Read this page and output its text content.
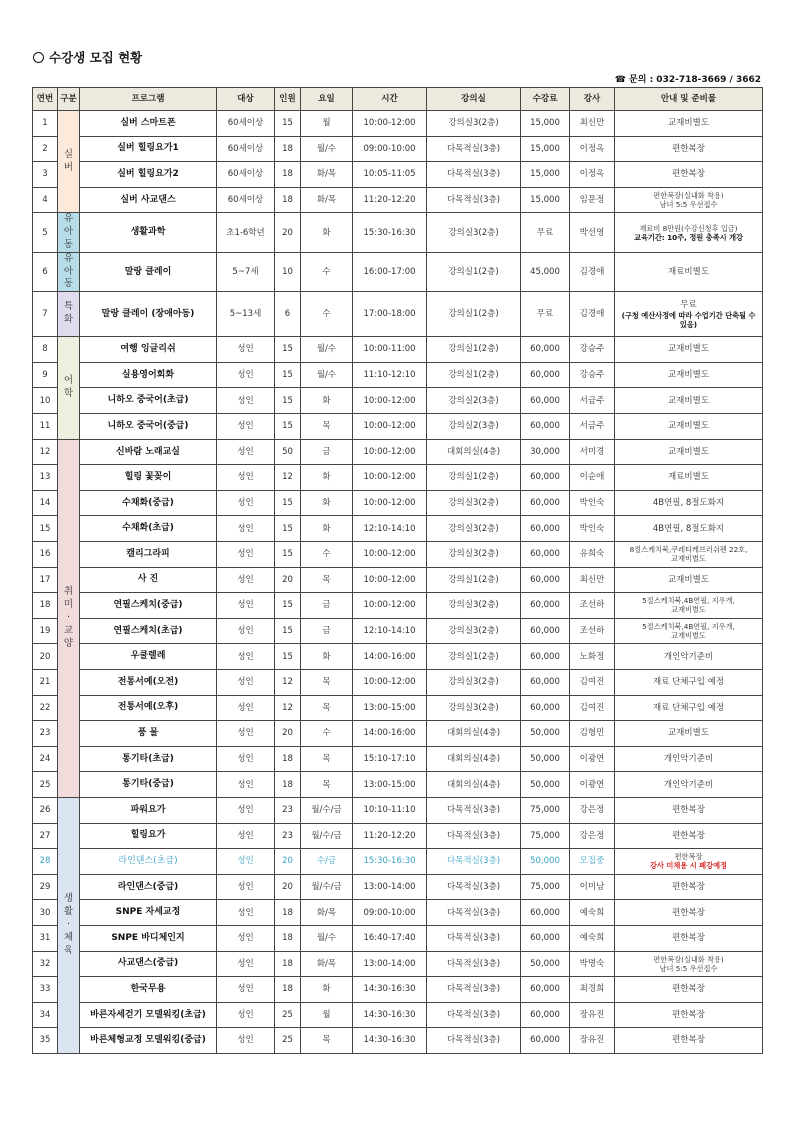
수강생 모집 현황
☎ 문의 : 032-718-3669 / 3662
연번	구분	프로그램	대상	인원	요일	시간	강의실	수강료	강사	안내 및 준비물
1	실버	실버 스마트폰	60세이상	15	월	10:00-12:00	강의실3(2층)	15,000	최신만	교재비별도
2		실버 힐링요가1	60세이상	18	월/수	09:00-10:00	다목적실(3층)	15,000	이정옥	편한복장
3		실버 힐링요가2	60세이상	18	화/목	10:05-11:05	다목적실(3층)	15,000	이정옥	편한복장
4		실버 사교댄스	60세이상	18	화/목	11:20-12:20	다목적실(3층)	15,000	임문정	편한복장(실내화 착용)
남녀 5:5 우선접수

5	유아동	생활과학	초1-6학년	20	화	15:30-16:30	강의실3(2층)	무료	박선영	재료비 8만원(수강신청후 입금)
교육기간: 10주, 정원 충족시 개강

6	유아동	말랑 클레이	5~7세	10	수	16:00-17:00	강의실1(2층)	45,000	김경애	재료비별도
7	특화	말랑 클레이 (장애아동)	5~13세	6	수	17:00-18:00	강의실1(2층)	무료	김경애	무료
(구청 예산사정에 따라 수업기간 단축될 수 있음)

8	어학	여행 잉글리쉬	성인	15	월/수	10:00-11:00	강의실1(2층)	60,000	강승주	교재비별도
9		실용영어회화	성인	15	월/수	11:10-12:10	강의실1(2층)	60,000	강승주	교재비별도
10		니하오 중국어(초급)	성인	15	화	10:00-12:00	강의실2(3층)	60,000	서금주	교재비별도
11		니하오 중국어(중급)	성인	15	목	10:00-12:00	강의실2(3층)	60,000	서금주	교재비별도
12	취미·교양	신바람 노래교실	성인	50	금	10:00-12:00	대회의실(4층)	30,000	서미경	교재비별도
13		힐링 꽃꽂이	성인	12	화	10:00-12:00	강의실1(2층)	60,000	이순애	재료비별도
14		수채화(중급)	성인	15	화	10:00-12:00	강의실3(2층)	60,000	박인숙	4B연필, 8절도화지
15		수채화(초급)	성인	15	화	12:10-14:10	강의실3(2층)	60,000	박인숙	4B연필, 8절도화지
16		캘리그라피	성인	15	수	10:00-12:00	강의실3(2층)	60,000	유희숙	8절스케치북,쿠레타케브러쉬펜 22호,
교재비별도

17		사 진	성인	20	목	10:00-12:00	강의실1(2층)	60,000	최신만	교재비별도
18		연필스케치(중급)	성인	15	금	10:00-12:00	강의실3(2층)	60,000	조선하	5절스케치북,4B연필, 지우개,
교재비별도

19		연필스케치(초급)	성인	15	금	12:10-14:10	강의실3(2층)	60,000	조선하	5절스케치북,4B연필, 지우개,
교재비별도

20		우쿨렐레	성인	15	화	14:00-16:00	강의실1(2층)	60,000	노화정	개인악기준비
21		전통서예(오전)	성인	12	목	10:00-12:00	강의실3(2층)	60,000	김여진	재료 단체구입 예정
22		전통서예(오후)	성인	12	목	13:00-15:00	강의실3(2층)	60,000	김여진	재료 단체구입 예정
23		풍 물	성인	20	수	14:00-16:00	대회의실(4층)	50,000	김형민	교재비별도
24		통기타(초급)	성인	18	목	15:10-17:10	대회의실(4층)	50,000	이광연	개인악기준비
25		통기타(중급)	성인	18	목	13:00-15:00	대회의실(4층)	50,000	이광연	개인악기준비
26	생활·체육	파워요가	성인	23	월/수/금	10:10-11:10	다목적실(3층)	75,000	강은정	편한복장
27		힐링요가	성인	23	월/수/금	11:20-12:20	다목적실(3층)	75,000	강은정	편한복장
28		라인댄스(초급)	성인	20	수/금	15:30-16:30	다목적실(3층)	50,000	모집중	편한복장
강사 미채용 시 폐강예정

29		라인댄스(중급)	성인	20	월/수/금	13:00-14:00	다목적실(3층)	75,000	이미남	편한복장
30		SNPE 자세교정	성인	18	화/목	09:00-10:00	다목적실(3층)	60,000	예숙희	편한복장
31		SNPE 바디체인지	성인	18	월/수	16:40-17:40	다목적실(3층)	60,000	예숙희	편한복장
32		사교댄스(중급)	성인	18	화/목	13:00-14:00	다목적실(3층)	50,000	박명숙	편한복장(실내화 착용)
남녀 5:5 우선접수

33		한국무용	성인	18	화	14:30-16:30	다목적실(3층)	60,000	최경희	편한복장
34		바른자세걷기 모델워킹(초급)	성인	25	월	14:30-16:30	다목적실(3층)	60,000	장유진	편한복장
35		바른체형교정 모델워킹(중급)	성인	25	목	14:30-16:30	다목적실(3층)	60,000	장유진	편한복장
